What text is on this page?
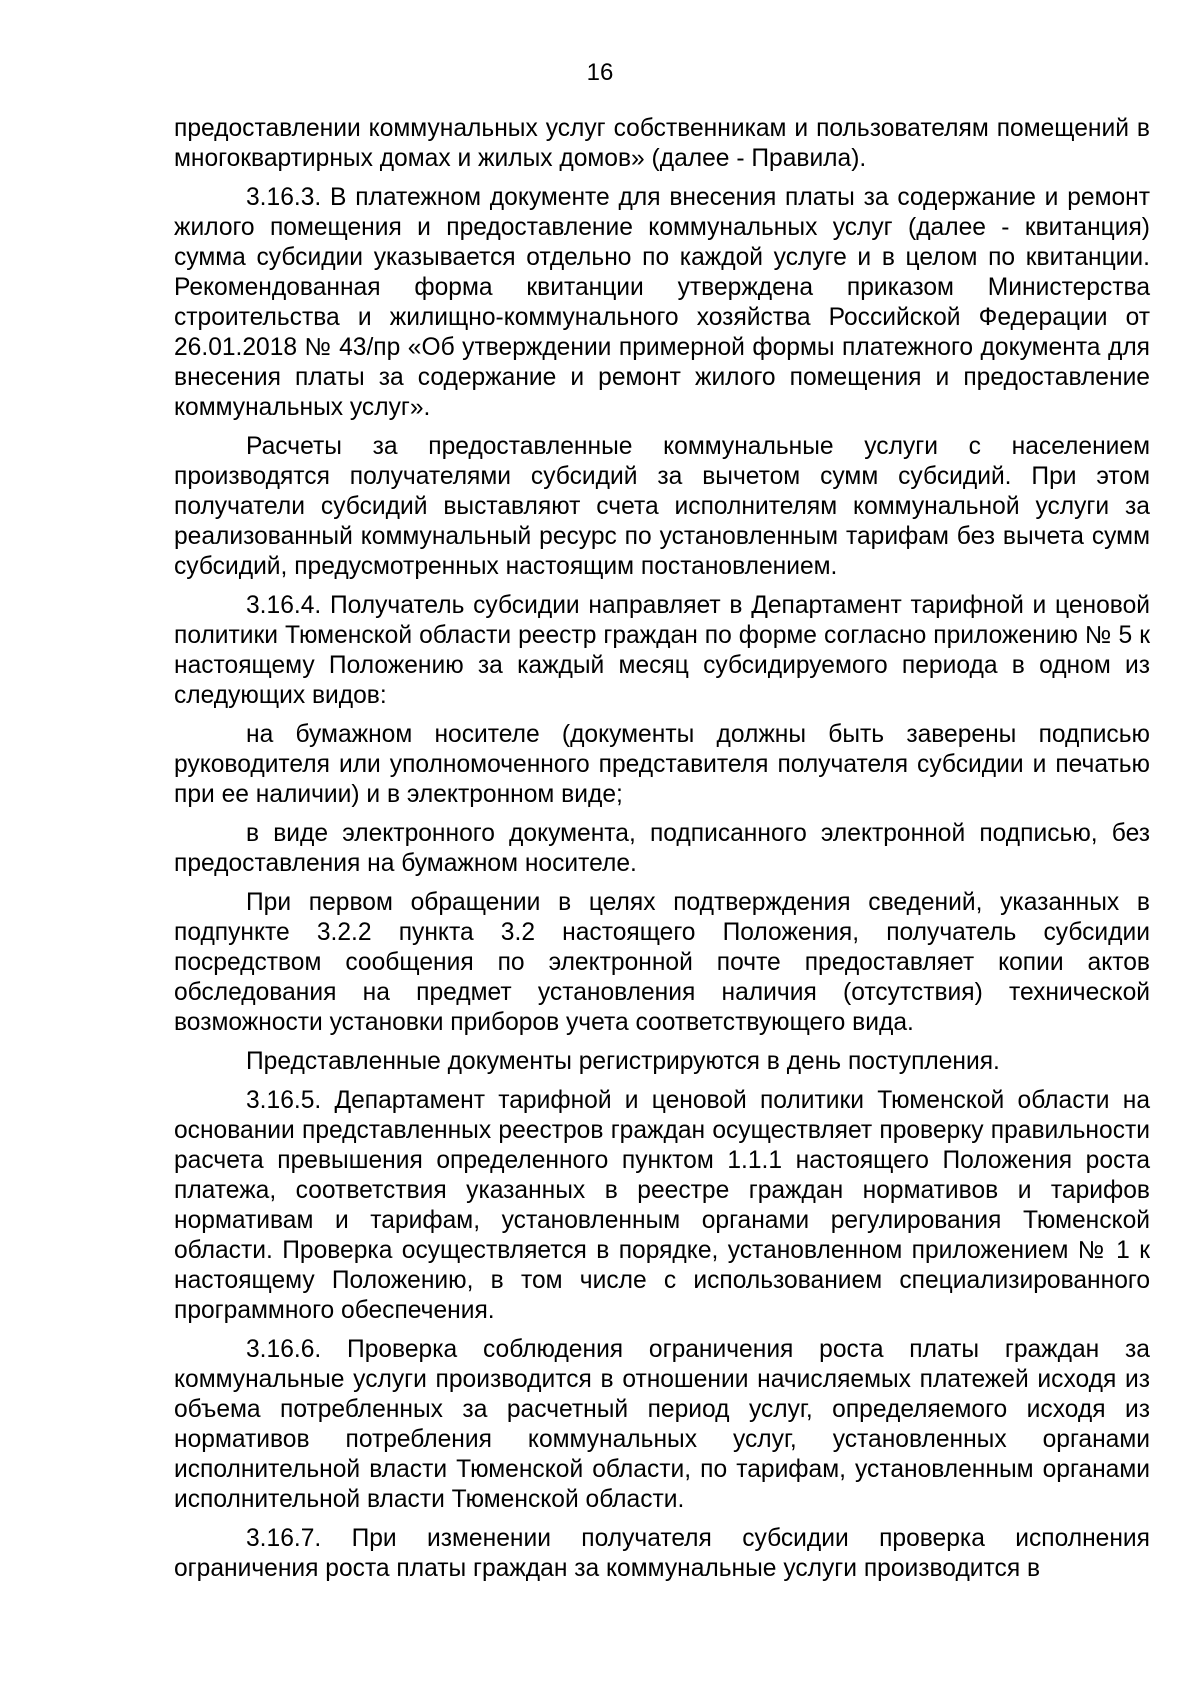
16

предоставлении коммунальных услуг собственникам и пользователям помещений в многоквартирных домах и жилых домов» (далее - Правила).

3.16.3. В платежном документе для внесения платы за содержание и ремонт жилого помещения и предоставление коммунальных услуг (далее - квитанция) сумма субсидии указывается отдельно по каждой услуге и в целом по квитанции. Рекомендованная форма квитанции утверждена приказом Министерства строительства и жилищно-коммунального хозяйства Российской Федерации от 26.01.2018 № 43/пр «Об утверждении примерной формы платежного документа для внесения платы за содержание и ремонт жилого помещения и предоставление коммунальных услуг».

Расчеты за предоставленные коммунальные услуги с населением производятся получателями субсидий за вычетом сумм субсидий. При этом получатели субсидий выставляют счета исполнителям коммунальной услуги за реализованный коммунальный ресурс по установленным тарифам без вычета сумм субсидий, предусмотренных настоящим постановлением.

3.16.4. Получатель субсидии направляет в Департамент тарифной и ценовой политики Тюменской области реестр граждан по форме согласно приложению № 5 к настоящему Положению за каждый месяц субсидируемого периода в одном из следующих видов:

на бумажном носителе (документы должны быть заверены подписью руководителя или уполномоченного представителя получателя субсидии и печатью при ее наличии) и в электронном виде;

в виде электронного документа, подписанного электронной подписью, без предоставления на бумажном носителе.

При первом обращении в целях подтверждения сведений, указанных в подпункте 3.2.2 пункта 3.2 настоящего Положения, получатель субсидии посредством сообщения по электронной почте предоставляет копии актов обследования на предмет установления наличия (отсутствия) технической возможности установки приборов учета соответствующего вида.

Представленные документы регистрируются в день поступления.

3.16.5. Департамент тарифной и ценовой политики Тюменской области на основании представленных реестров граждан осуществляет проверку правильности расчета превышения определенного пунктом 1.1.1 настоящего Положения роста платежа, соответствия указанных в реестре граждан нормативов и тарифов нормативам и тарифам, установленным органами регулирования Тюменской области. Проверка осуществляется в порядке, установленном приложением № 1 к настоящему Положению, в том числе с использованием специализированного программного обеспечения.

3.16.6. Проверка соблюдения ограничения роста платы граждан за коммунальные услуги производится в отношении начисляемых платежей исходя из объема потребленных за расчетный период услуг, определяемого исходя из нормативов потребления коммунальных услуг, установленных органами исполнительной власти Тюменской области, по тарифам, установленным органами исполнительной власти Тюменской области.

3.16.7. При изменении получателя субсидии проверка исполнения ограничения роста платы граждан за коммунальные услуги производится в
